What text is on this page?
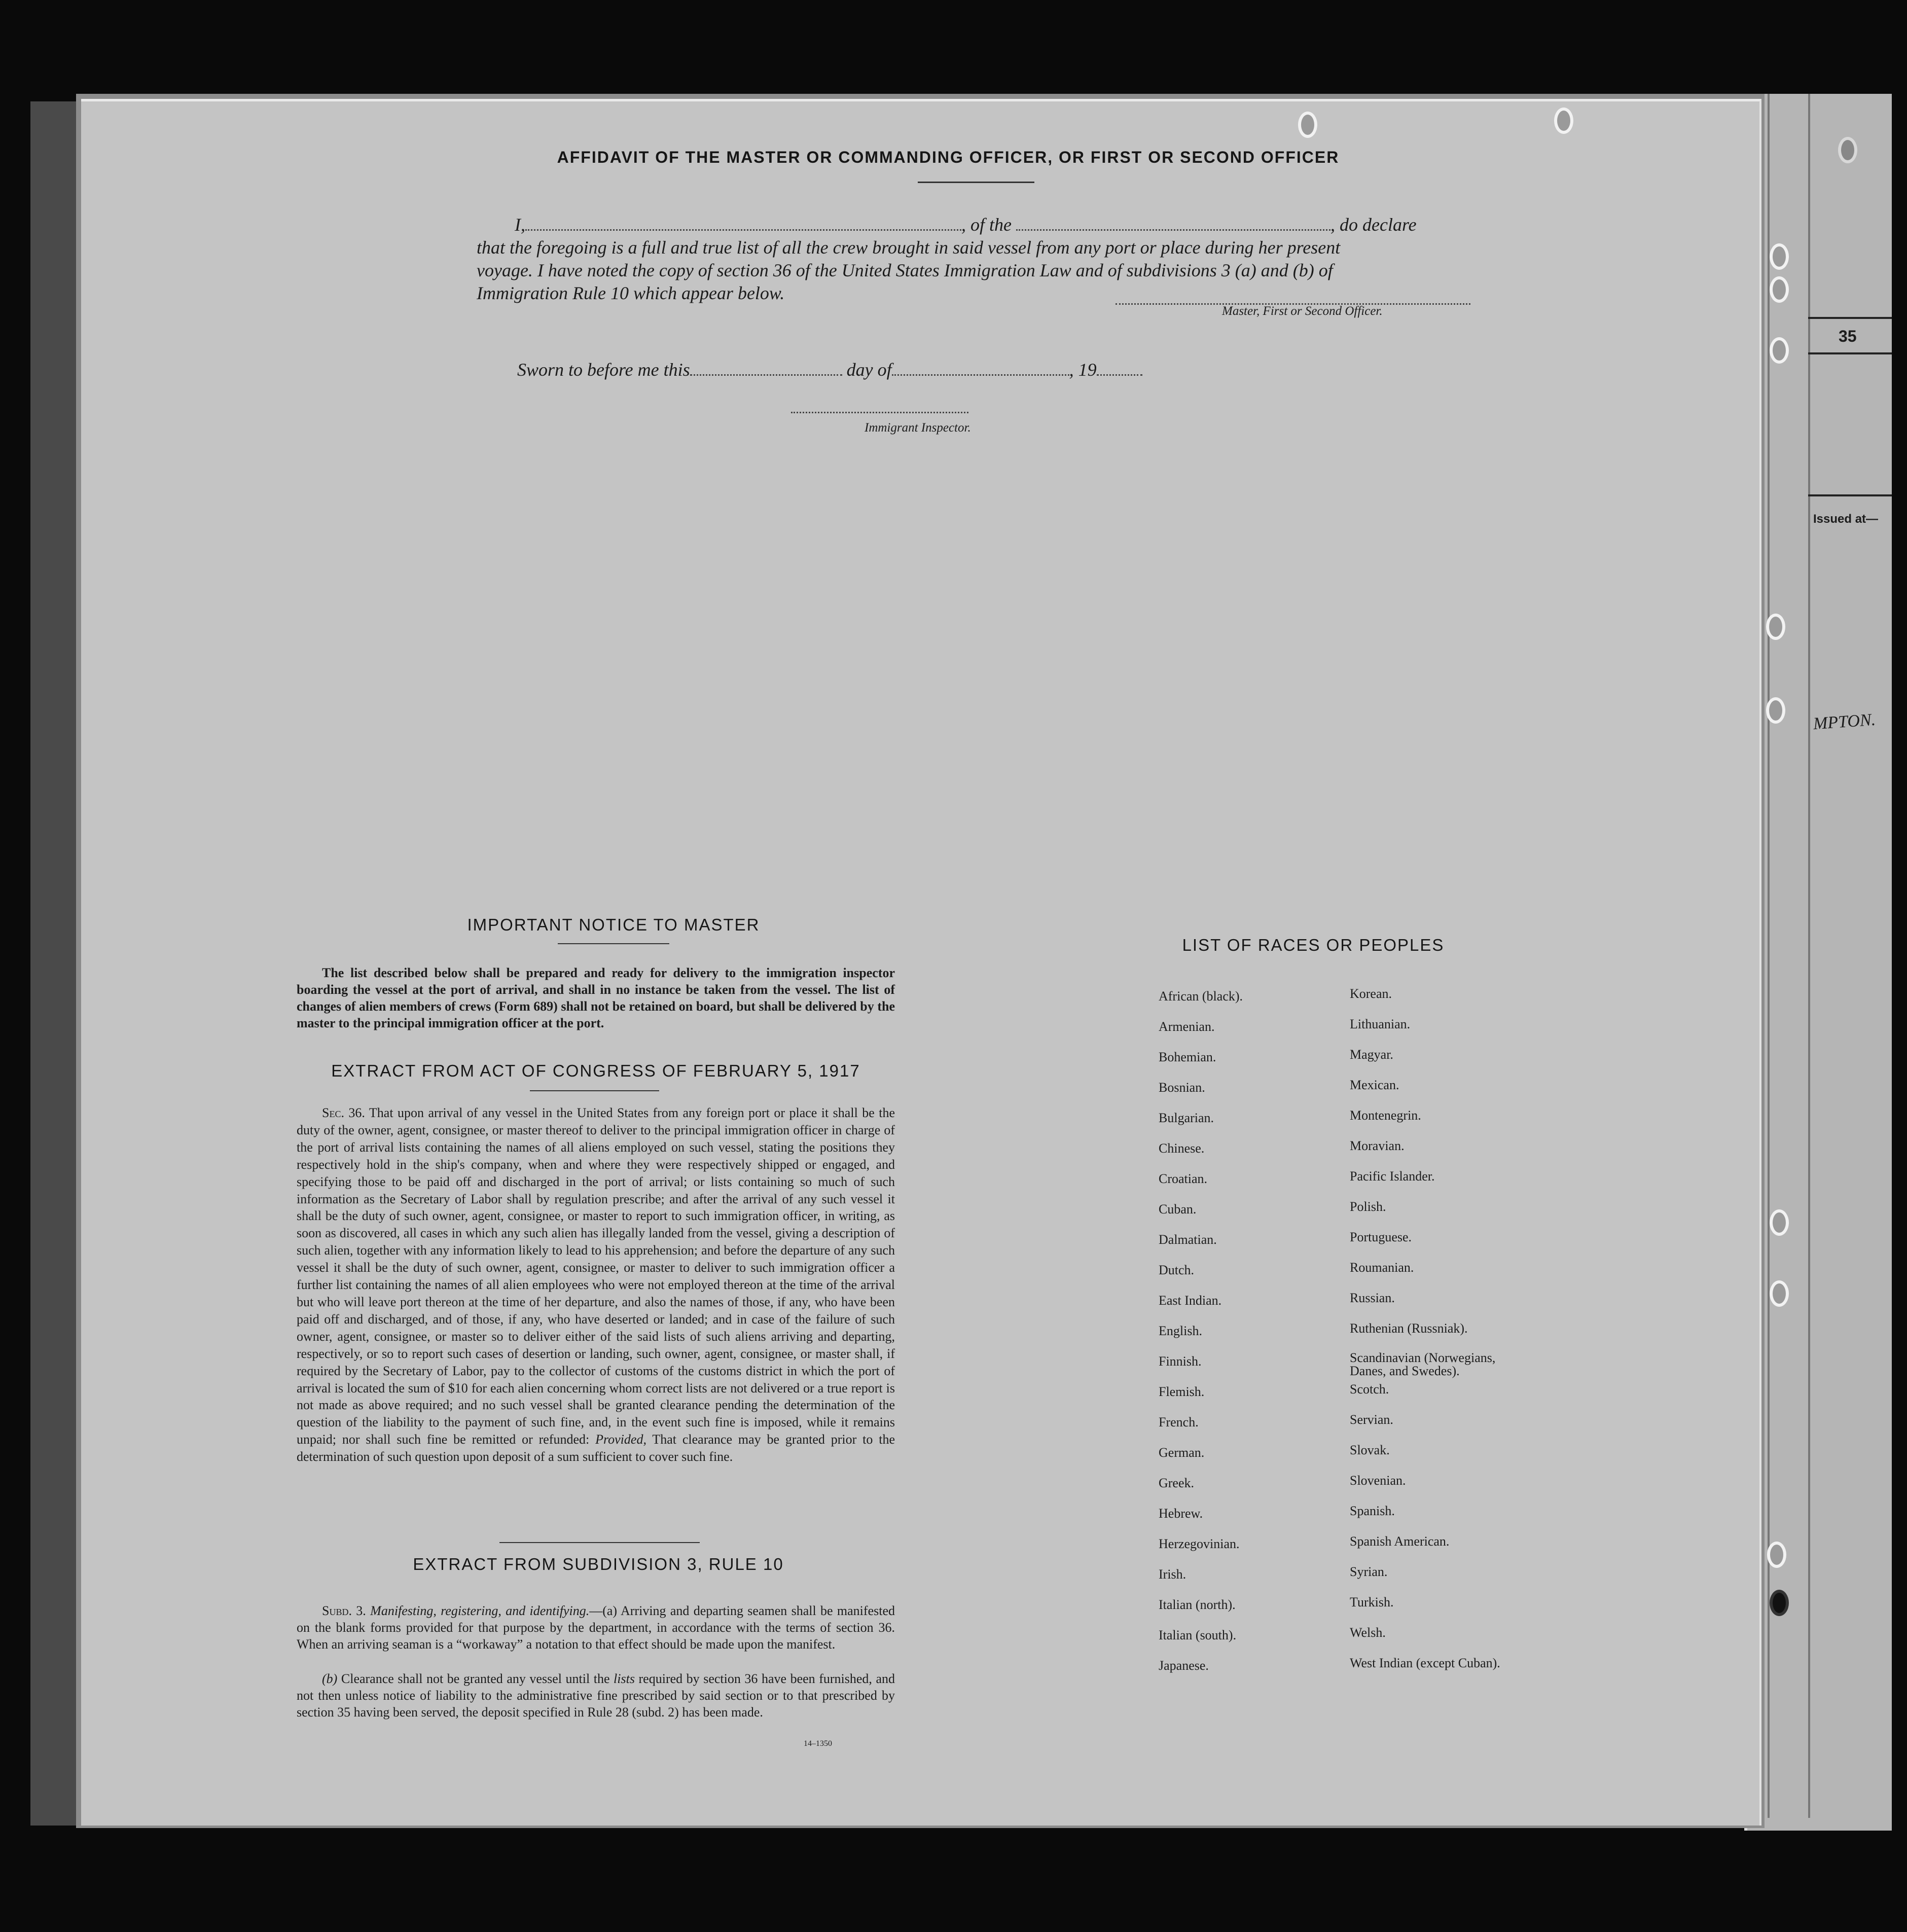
35
Issued at—
MPTON.
AFFIDAVIT OF THE MASTER OR COMMANDING OFFICER, OR FIRST OR SECOND OFFICER
I,	, of the	, do declare
that the foregoing is a full and true list of all the crew brought in said vessel from any port or place during her present
voyage. I have noted the copy of section 36 of the United States Immigration Law and of subdivisions 3 (a) and (b) of
Immigration Rule 10 which appear below.
Master, First or Second Officer.
Sworn to before me this	day of	, 19
Immigrant Inspector.
IMPORTANT NOTICE TO MASTER
The list described below shall be prepared and ready for delivery to the immigration inspector boarding the vessel at the port of arrival, and shall in no instance be taken from the vessel. The list of changes of alien members of crews (Form 689) shall not be retained on board, but shall be delivered by the master to the principal immigration officer at the port.
EXTRACT FROM ACT OF CONGRESS OF FEBRUARY 5, 1917
Sec. 36. That upon arrival of any vessel in the United States from any foreign port or place it shall be the duty of the owner, agent, consignee, or master thereof to deliver to the principal immigration officer in charge of the port of arrival lists containing the names of all aliens employed on such vessel, stating the positions they respectively hold in the ship's company, when and where they were respectively shipped or engaged, and specifying those to be paid off and discharged in the port of arrival; or lists containing so much of such information as the Secretary of Labor shall by regulation prescribe; and after the arrival of any such vessel it shall be the duty of such owner, agent, consignee, or master to report to such immigration officer, in writing, as soon as discovered, all cases in which any such alien has illegally landed from the vessel, giving a description of such alien, together with any information likely to lead to his apprehension; and before the departure of any such vessel it shall be the duty of such owner, agent, consignee, or master to deliver to such immigration officer a further list containing the names of all alien employees who were not employed thereon at the time of the arrival but who will leave port thereon at the time of her departure, and also the names of those, if any, who have been paid off and discharged, and of those, if any, who have deserted or landed; and in case of the failure of such owner, agent, consignee, or master so to deliver either of the said lists of such aliens arriving and departing, respectively, or so to report such cases of desertion or landing, such owner, agent, consignee, or master shall, if required by the Secretary of Labor, pay to the collector of customs of the customs district in which the port of arrival is located the sum of $10 for each alien concerning whom correct lists are not delivered or a true report is not made as above required; and no such vessel shall be granted clearance pending the determination of the question of the liability to the payment of such fine, and, in the event such fine is imposed, while it remains unpaid; nor shall such fine be remitted or refunded: Provided, That clearance may be granted prior to the determination of such question upon deposit of a sum sufficient to cover such fine.
EXTRACT FROM SUBDIVISION 3, RULE 10
Subd. 3. Manifesting, registering, and identifying.—(a) Arriving and departing seamen shall be manifested on the blank forms provided for that purpose by the department, in accordance with the terms of section 36. When an arriving seaman is a “workaway” a notation to that effect should be made upon the manifest.
(b) Clearance shall not be granted any vessel until the lists required by section 36 have been furnished, and not then unless notice of liability to the administrative fine prescribed by said section or to that prescribed by section 35 having been served, the deposit specified in Rule 28 (subd. 2) has been made.
14–1350
LIST OF RACES OR PEOPLES
African (black).
Armenian.
Bohemian.
Bosnian.
Bulgarian.
Chinese.
Croatian.
Cuban.
Dalmatian.
Dutch.
East Indian.
English.
Finnish.
Flemish.
French.
German.
Greek.
Hebrew.
Herzegovinian.
Irish.
Italian (north).
Italian (south).
Japanese.
Korean.
Lithuanian.
Magyar.
Mexican.
Montenegrin.
Moravian.
Pacific Islander.
Polish.
Portuguese.
Roumanian.
Russian.
Ruthenian (Russniak).
Scandinavian (Norwegians, Danes, and Swedes).
Scotch.
Servian.
Slovak.
Slovenian.
Spanish.
Spanish American.
Syrian.
Turkish.
Welsh.
West Indian (except Cuban).
